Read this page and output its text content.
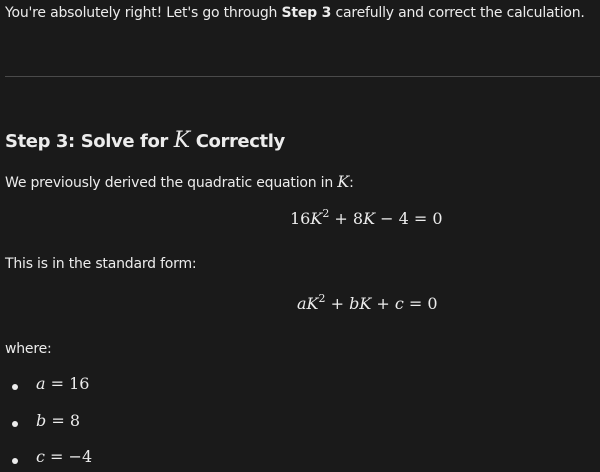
You're absolutely right! Let's go through Step 3 carefully and correct the calculation.
Step 3: Solve for K Correctly
We previously derived the quadratic equation in K:
$16K^2 + 8K - 4 = 0$
This is in the standard form:
$aK^2$ + bK + c = 0
where:
a = 16
b = 8
c = −4
